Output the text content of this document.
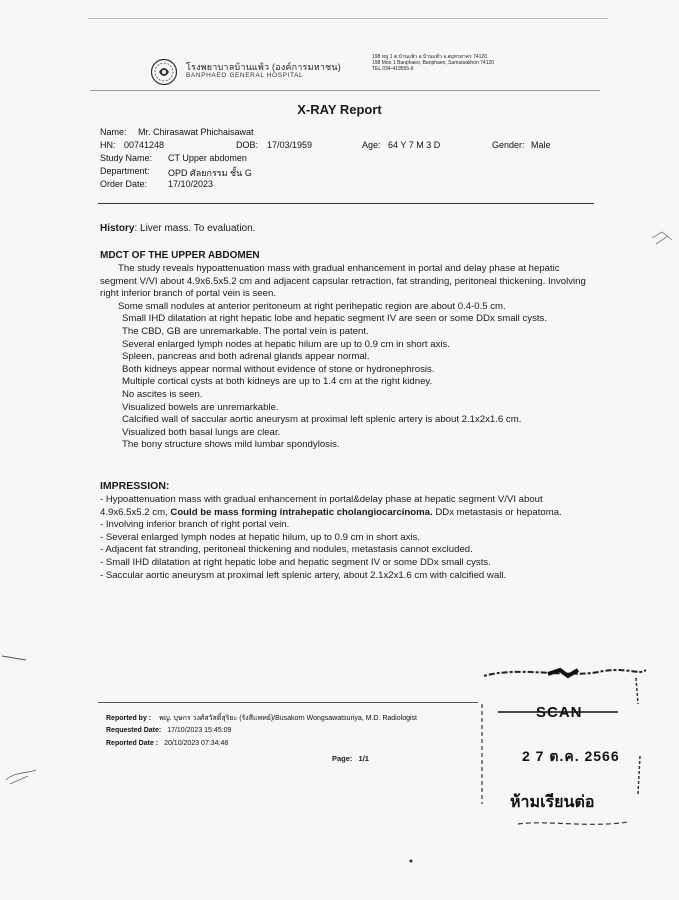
โรงพยาบาลบ้านแพ้ว (องค์การมหาชน)
BANPHAEO GENERAL HOSPITAL
198 หมู่ 1 ต.บ้านแพ้ว อ.บ้านแพ้ว จ.สมุทรสาคร 74120
198 Moo 1 Banphaeo, Banphaeo, Samutsakhon 74120
TEL 034-419555-6
X-RAY Report
Name: Mr. Chirasawat Phichaisawat
HN: 00741248	DOB: 17/03/1959	Age: 64 Y 7 M 3 D	Gender: Male
Study Name: CT Upper abdomen
Department: OPD ศัลยกรรม ชั้น G
Order Date: 17/10/2023
History: Liver mass. To evaluation.
MDCT OF THE UPPER ABDOMEN

The study reveals hypoattenuation mass with gradual enhancement in portal and delay phase at hepatic segment V/VI about 4.9x6.5x5.2 cm and adjacent capsular retraction, fat stranding, peritoneal thickening. Involving right inferior branch of portal vein is seen.

Some small nodules at anterior peritoneum at right perihepatic region are about 0.4-0.5 cm.

Small IHD dilatation at right hepatic lobe and hepatic segment IV are seen or some DDx small cysts.

The CBD, GB are unremarkable. The portal vein is patent.

Several enlarged lymph nodes at hepatic hilum are up to 0.9 cm in short axis.

Spleen, pancreas and both adrenal glands appear normal.

Both kidneys appear normal without evidence of stone or hydronephrosis.

Multiple cortical cysts at both kidneys are up to 1.4 cm at the right kidney.

No ascites is seen.

Visualized bowels are unremarkable.

Calcified wall of saccular aortic aneurysm at proximal left splenic artery is about 2.1x2x1.6 cm.

Visualized both basal lungs are clear.

The bony structure shows mild lumbar spondylosis.

IMPRESSION:

- Hypoattenuation mass with gradual enhancement in portal&delay phase at hepatic segment V/VI about 4.9x6.5x5.2 cm, Could be mass forming intrahepatic cholangiocarcinoma. DDx metastasis or hepatoma.

- Involving inferior branch of right portal vein.

- Several enlarged lymph nodes at hepatic hilum, up to 0.9 cm in short axis.

- Adjacent fat stranding, peritoneal thickening and nodules, metastasis cannot excluded.

- Small IHD dilatation at right hepatic lobe and hepatic segment IV or some DDx small cysts.

- Saccular aortic aneurysm at proximal left splenic artery, about 2.1x2x1.6 cm with calcified wall.

Reported by : พญ. บุษกร วงศ์สวัสดิ์สุริยะ (รังสีแพทย์)/Busakorn Wongsawatsuriya, M.D. Radiologist
Requested Date: 17/10/2023 15:45:09
Reported Date : 20/10/2023 07:34:48
Page: 1/1
SCAN
2 7 ต.ค. 2566
ห้ามเรียนต่อ
